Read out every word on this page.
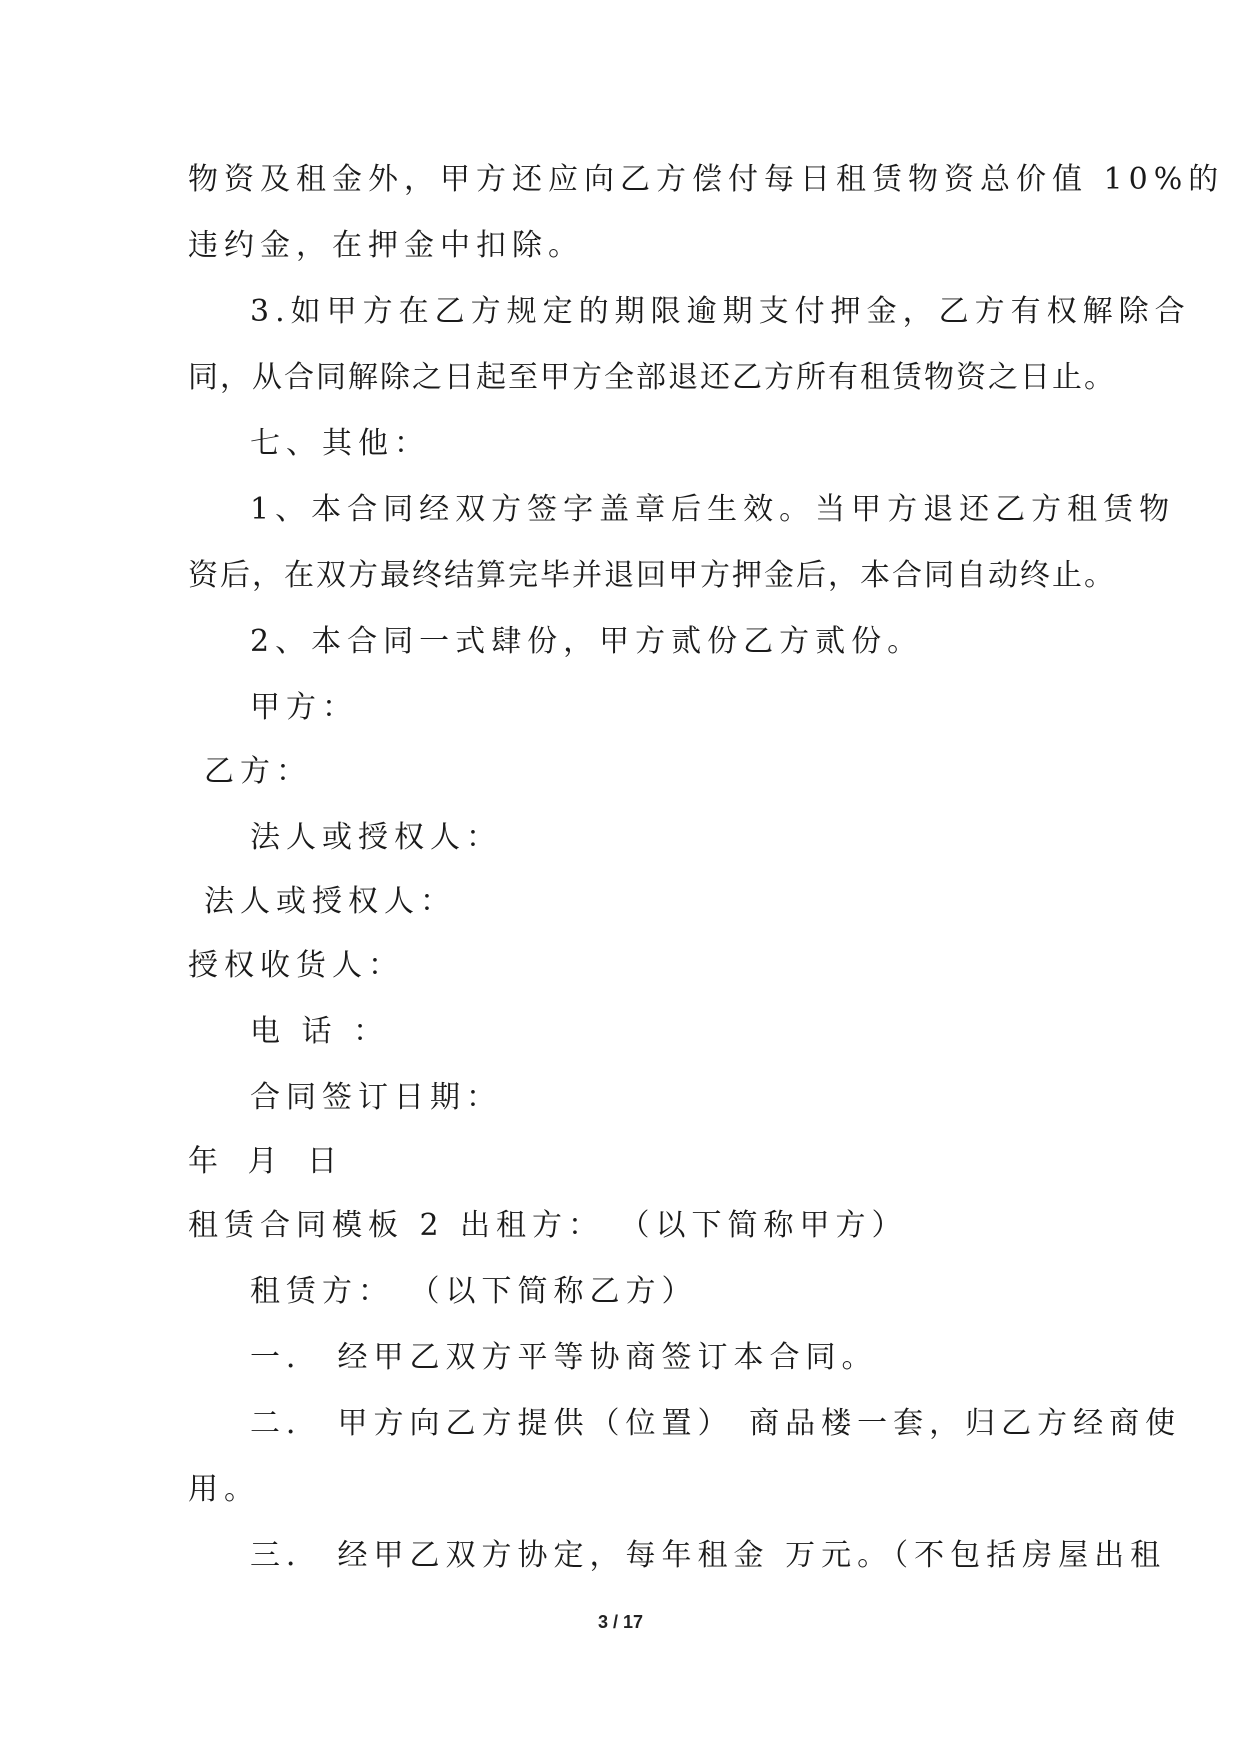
物资及租金外，甲方还应向乙方偿付每日租赁物资总价值 10%的
违约金，在押金中扣除。
3.如甲方在乙方规定的期限逾期支付押金，乙方有权解除合
同，从合同解除之日起至甲方全部退还乙方所有租赁物资之日止。
七、其他：
1、本合同经双方签字盖章后生效。当甲方退还乙方租赁物
资后，在双方最终结算完毕并退回甲方押金后，本合同自动终止。
2、本合同一式肆份，甲方贰份乙方贰份。
甲方：
乙方：
法人或授权人：
法人或授权人：
授权收货人：
电 话 ：
合同签订日期：
年 月 日
租赁合同模板 2 出租方： （以下简称甲方）
租赁方： （以下简称乙方）
一． 经甲乙双方平等协商签订本合同。
二． 甲方向乙方提供（位置） 商品楼一套，归乙方经商使
用。
三． 经甲乙双方协定，每年租金 万元。（不包括房屋出租
3 / 17
